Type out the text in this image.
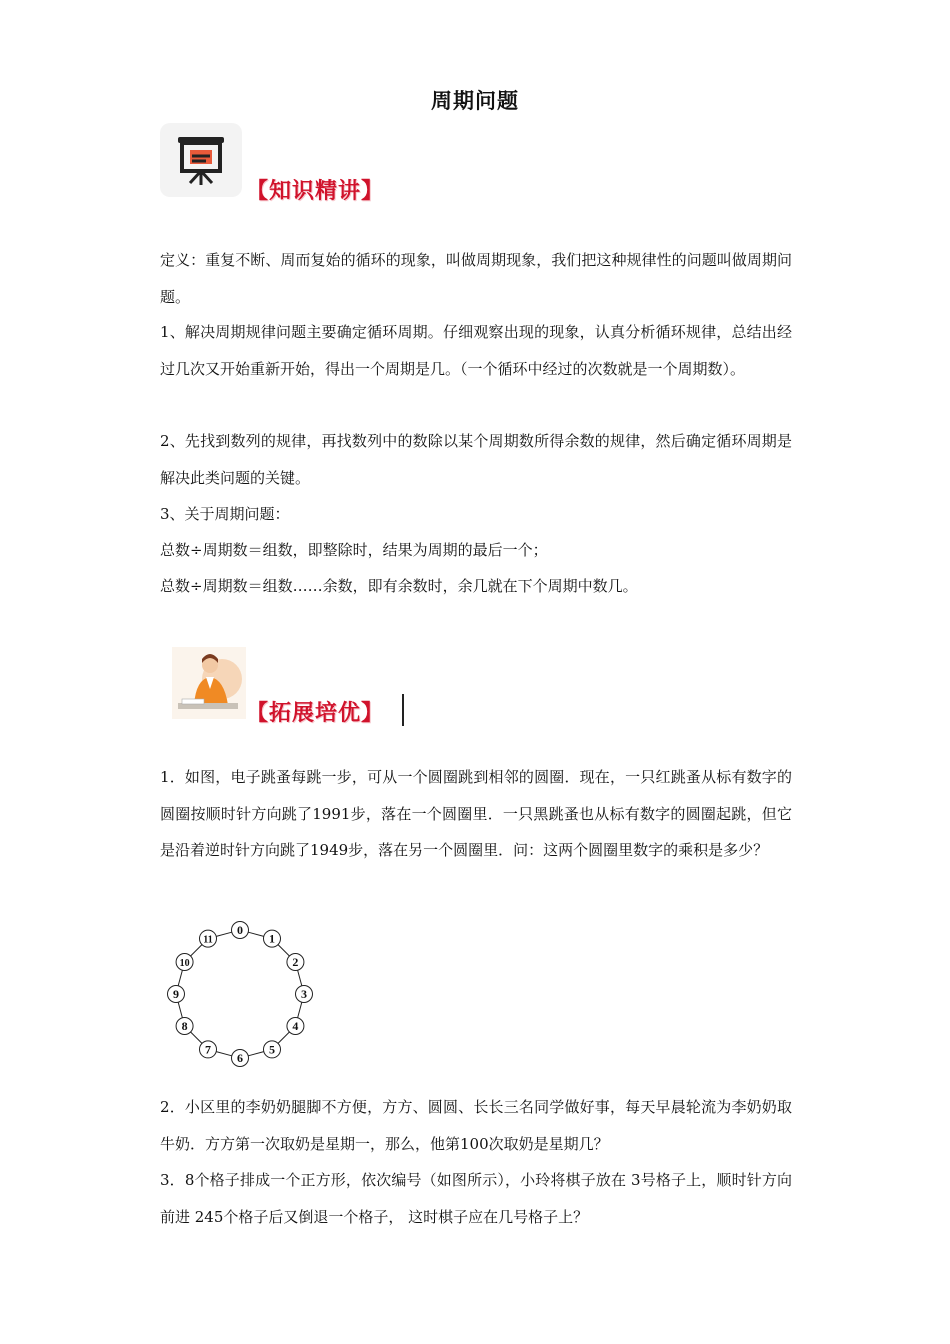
周期问题
【知识精讲】
定义：重复不断、周而复始的循环的现象，叫做周期现象，我们把这种规律性的问题叫做周期问题。
1、解决周期规律问题主要确定循环周期。仔细观察出现的现象，认真分析循环规律，总结出经过几次又开始重新开始，得出一个周期是几。（一个循环中经过的次数就是一个周期数）。
2、先找到数列的规律，再找数列中的数除以某个周期数所得余数的规律，然后确定循环周期是解决此类问题的关键。
3、关于周期问题：
总数÷周期数＝组数，即整除时，结果为周期的最后一个；
总数÷周期数＝组数……余数，即有余数时，余几就在下个周期中数几。
【拓展培优】
1．如图，电子跳蚤每跳一步，可从一个圆圈跳到相邻的圆圈．现在，一只红跳蚤从标有数字的圆圈按顺时针方向跳了1991步，落在一个圆圈里．一只黑跳蚤也从标有数字的圆圈起跳，但它是沿着逆时针方向跳了1949步，落在另一个圆圈里．问：这两个圆圈里数字的乘积是多少？
0
1
2
3
4
5
6
7
8
9
10
11
2．小区里的李奶奶腿脚不方便，方方、圆圆、长长三名同学做好事，每天早晨轮流为李奶奶取牛奶．方方第一次取奶是星期一，那么，他第100次取奶是星期几？
3．8个格子排成一个正方形，依次编号（如图所示），小玲将棋子放在 3号格子上，顺时针方向前进 245个格子后又倒退一个格子， 这时棋子应在几号格子上？
